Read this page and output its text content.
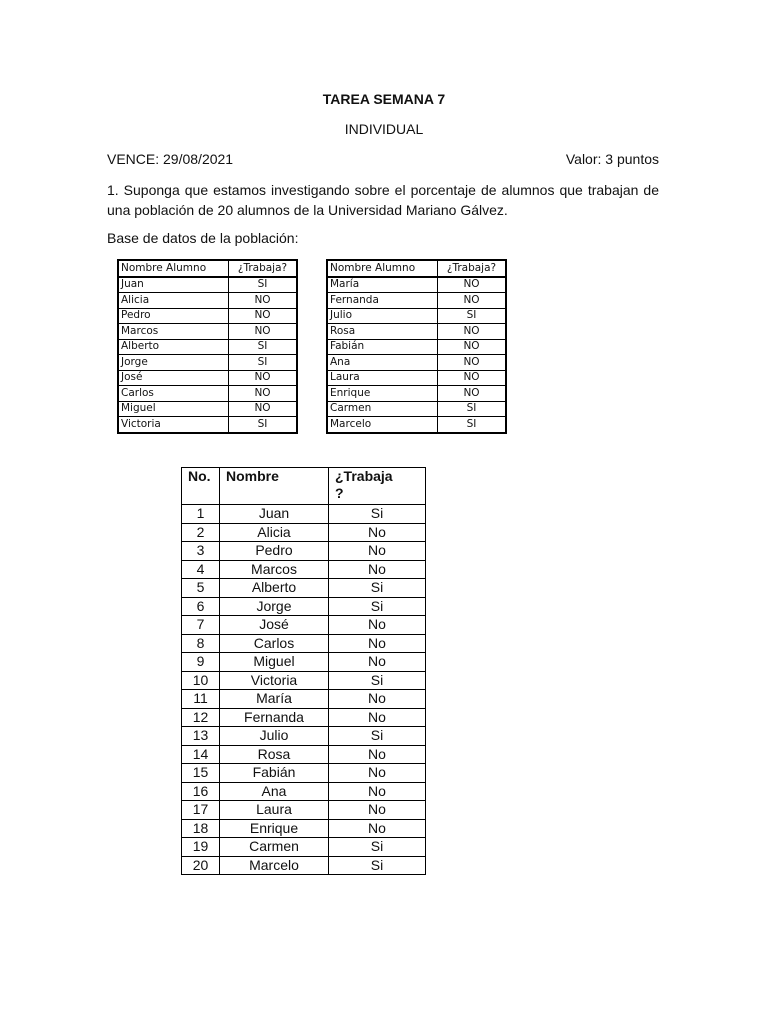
TAREA SEMANA 7
INDIVIDUAL
VENCE: 29/08/2021	Valor: 3 puntos
1. Suponga que estamos investigando sobre el porcentaje de alumnos que trabajan de una población de 20 alumnos de la Universidad Mariano Gálvez.
Base de datos de la población:
Nombre Alumno	¿Trabaja?
Juan	SI
Alicia	NO
Pedro	NO
Marcos	NO
Alberto	SI
Jorge	SI
José	NO
Carlos	NO
Miguel	NO
Victoria	SI
Nombre Alumno	¿Trabaja?
María	NO
Fernanda	NO
Julio	SI
Rosa	NO
Fabián	NO
Ana	NO
Laura	NO
Enrique	NO
Carmen	SI
Marcelo	SI
No.	Nombre	¿Trabaja
?
1	Juan	Si
2	Alicia	No
3	Pedro	No
4	Marcos	No
5	Alberto	Si
6	Jorge	Si
7	José	No
8	Carlos	No
9	Miguel	No
10	Victoria	Si
11	María	No
12	Fernanda	No
13	Julio	Si
14	Rosa	No
15	Fabián	No
16	Ana	No
17	Laura	No
18	Enrique	No
19	Carmen	Si
20	Marcelo	Si
